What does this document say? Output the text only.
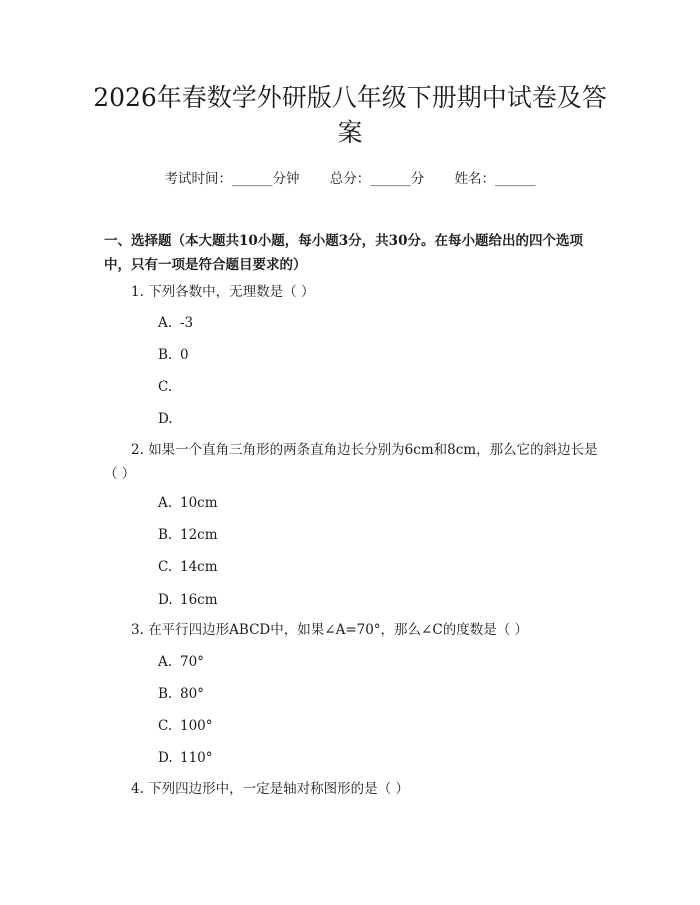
2026年春数学外研版八年级下册期中试卷及答案
考试时间：______分钟 总分：______分 姓名：______
一、选择题（本大题共10小题，每小题3分，共30分。在每小题给出的四个选项中，只有一项是符合题目要求的）
1. 下列各数中，无理数是（ ）
A. -3
B. 0
C.
D.
2. 如果一个直角三角形的两条直角边长分别为6cm和8cm，那么它的斜边长是（ ）
A. 10cm
B. 12cm
C. 14cm
D. 16cm
3. 在平行四边形ABCD中，如果∠A=70°，那么∠C的度数是（ ）
A. 70°
B. 80°
C. 100°
D. 110°
4. 下列四边形中，一定是轴对称图形的是（ ）
